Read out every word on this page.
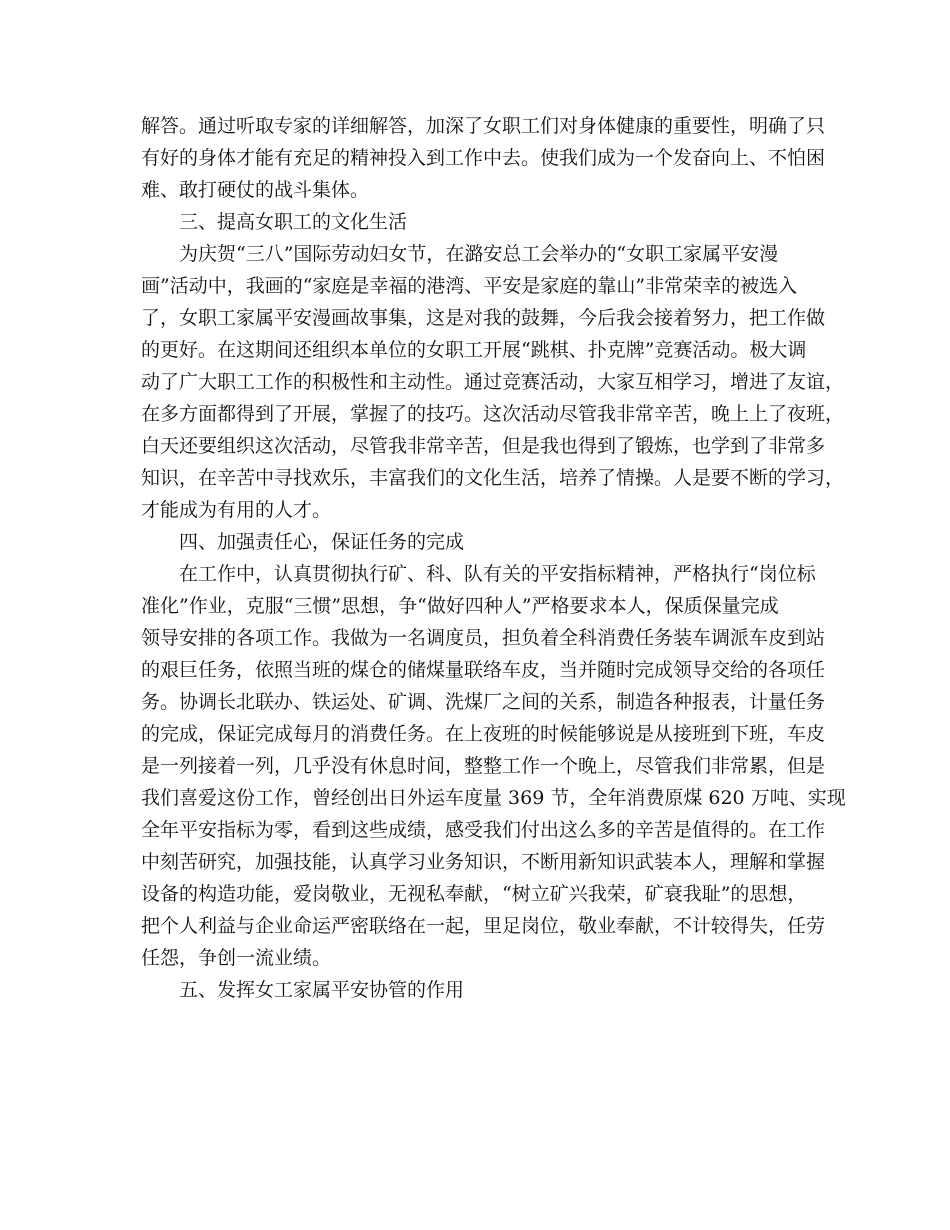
解答。通过听取专家的详细解答，加深了女职工们对身体健康的重要性，明确了只
有好的身体才能有充足的精神投入到工作中去。使我们成为一个发奋向上、不怕困
难、敢打硬仗的战斗集体。
　　三、提高女职工的文化生活
　　为庆贺“三八”国际劳动妇女节，在潞安总工会举办的“女职工家属平安漫
画”活动中，我画的“家庭是幸福的港湾、平安是家庭的靠山”非常荣幸的被选入
了，女职工家属平安漫画故事集，这是对我的鼓舞，今后我会接着努力，把工作做
的更好。在这期间还组织本单位的女职工开展“跳棋、扑克牌”竞赛活动。极大调
动了广大职工工作的积极性和主动性。通过竞赛活动，大家互相学习，增进了友谊，
在多方面都得到了开展，掌握了的技巧。这次活动尽管我非常辛苦，晚上上了夜班，
白天还要组织这次活动，尽管我非常辛苦，但是我也得到了锻炼，也学到了非常多
知识，在辛苦中寻找欢乐，丰富我们的文化生活，培养了情操。人是要不断的学习，
才能成为有用的人才。
　　四、加强责任心，保证任务的完成
　　在工作中，认真贯彻执行矿、科、队有关的平安指标精神，严格执行“岗位标
准化”作业，克服“三惯”思想，争“做好四种人”严格要求本人，保质保量完成
领导安排的各项工作。我做为一名调度员，担负着全科消费任务装车调派车皮到站
的艰巨任务，依照当班的煤仓的储煤量联络车皮，当并随时完成领导交给的各项任
务。协调长北联办、铁运处、矿调、洗煤厂之间的关系，制造各种报表，计量任务
的完成，保证完成每月的消费任务。在上夜班的时候能够说是从接班到下班，车皮
是一列接着一列，几乎没有休息时间，整整工作一个晚上，尽管我们非常累，但是
我们喜爱这份工作，曾经创出日外运车度量 369 节，全年消费原煤 620 万吨、实现
全年平安指标为零，看到这些成绩，感受我们付出这么多的辛苦是值得的。在工作
中刻苦研究，加强技能，认真学习业务知识，不断用新知识武装本人，理解和掌握
设备的构造功能，爱岗敬业，无视私奉献，“树立矿兴我荣，矿衰我耻”的思想，
把个人利益与企业命运严密联络在一起，里足岗位，敬业奉献，不计较得失，任劳
任怨，争创一流业绩。
　　五、发挥女工家属平安协管的作用
